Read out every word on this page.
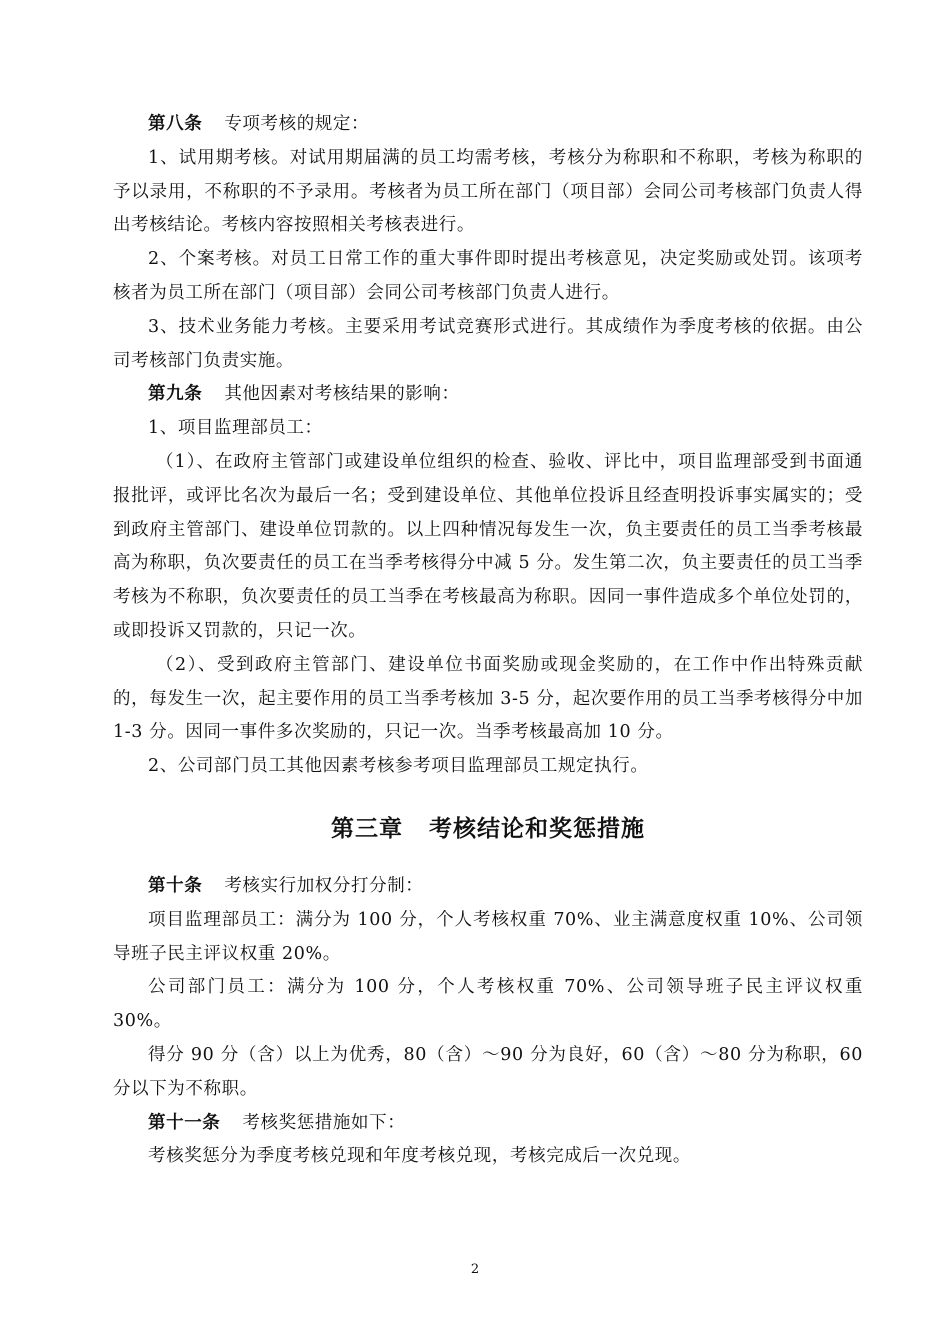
第八条 专项考核的规定：

1、试用期考核。对试用期届满的员工均需考核，考核分为称职和不称职，考核为称职的予以录用，不称职的不予录用。考核者为员工所在部门（项目部）会同公司考核部门负责人得出考核结论。考核内容按照相关考核表进行。

2、个案考核。对员工日常工作的重大事件即时提出考核意见，决定奖励或处罚。该项考核者为员工所在部门（项目部）会同公司考核部门负责人进行。

3、技术业务能力考核。主要采用考试竞赛形式进行。其成绩作为季度考核的依据。由公司考核部门负责实施。

第九条 其他因素对考核结果的影响：

1、项目监理部员工：

（1）、在政府主管部门或建设单位组织的检查、验收、评比中，项目监理部受到书面通报批评，或评比名次为最后一名；受到建设单位、其他单位投诉且经查明投诉事实属实的；受到政府主管部门、建设单位罚款的。以上四种情况每发生一次，负主要责任的员工当季考核最高为称职，负次要责任的员工在当季考核得分中减 5 分。发生第二次，负主要责任的员工当季考核为不称职，负次要责任的员工当季在考核最高为称职。因同一事件造成多个单位处罚的，或即投诉又罚款的，只记一次。

（2）、受到政府主管部门、建设单位书面奖励或现金奖励的，在工作中作出特殊贡献的，每发生一次，起主要作用的员工当季考核加 3-5 分，起次要作用的员工当季考核得分中加 1-3 分。因同一事件多次奖励的，只记一次。当季考核最高加 10 分。

2、公司部门员工其他因素考核参考项目监理部员工规定执行。

第三章 考核结论和奖惩措施

第十条 考核实行加权分打分制：

项目监理部员工：满分为 100 分，个人考核权重 70%、业主满意度权重 10%、公司领导班子民主评议权重 20%。

公司部门员工：满分为 100 分，个人考核权重 70%、公司领导班子民主评议权重 30%。

得分 90 分（含）以上为优秀，80（含）～90 分为良好，60（含）～80 分为称职，60 分以下为不称职。

第十一条 考核奖惩措施如下：

考核奖惩分为季度考核兑现和年度考核兑现，考核完成后一次兑现。

2
